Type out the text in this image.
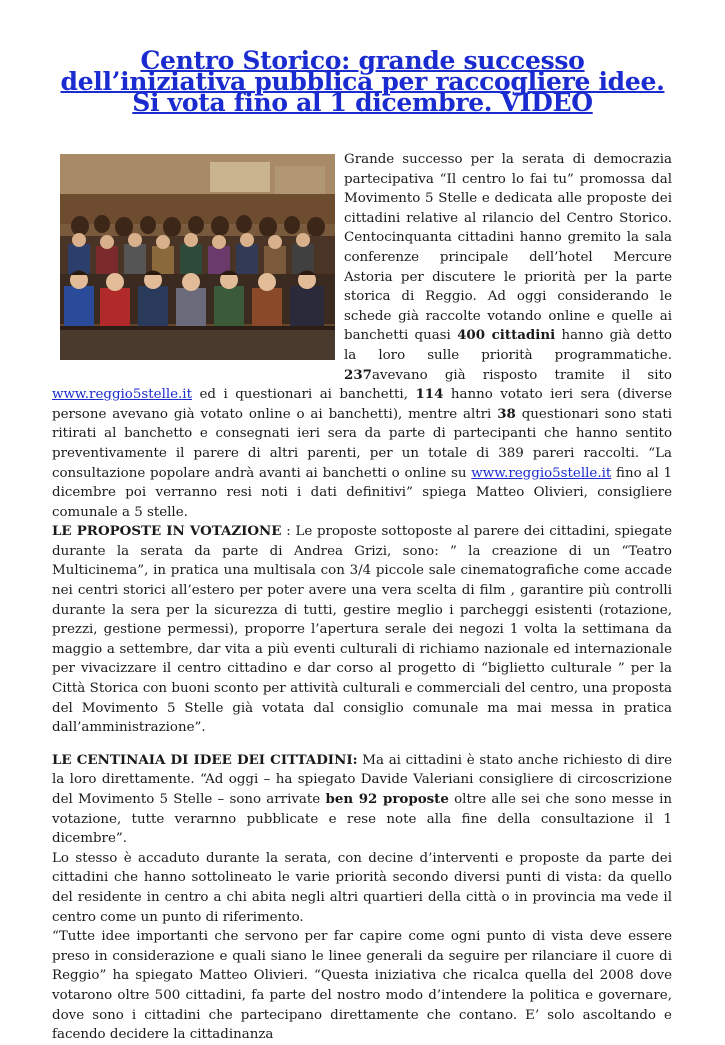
Centro Storico: grande successo dell’iniziativa pubblica per raccogliere idee. Si vota fino al 1 dicembre. VIDEO

Grande successo per la serata di democrazia partecipativa “Il centro lo fai tu” promossa dal Movimento 5 Stelle e dedicata alle proposte dei cittadini relative al rilancio del Centro Storico. Centocinquanta cittadini hanno gremito la sala conferenze principale dell’hotel Mercure Astoria per discutere le priorità per la parte storica di Reggio. Ad oggi considerando le schede già raccolte votando online e quelle ai banchetti quasi 400 cittadini hanno già detto la loro sulle priorità programmatiche. 237avevano già risposto tramite il sito www.reggio5stelle.it ed i questionari ai banchetti, 114 hanno votato ieri sera (diverse persone avevano già votato online o ai banchetti), mentre altri 38 questionari sono stati ritirati al banchetto e consegnati ieri sera da parte di partecipanti che hanno sentito preventivamente il parere di altri parenti, per un totale di 389 pareri raccolti. “La consultazione popolare andrà avanti ai banchetti o online su www.reggio5stelle.it fino al 1 dicembre poi verranno resi noti i dati definitivi” spiega Matteo Olivieri, consigliere comunale a 5 stelle.

LE PROPOSTE IN VOTAZIONE : Le proposte sottoposte al parere dei cittadini, spiegate durante la serata da parte di Andrea Grizi, sono: ” la creazione di un “Teatro Multicinema”, in pratica una multisala con 3/4 piccole sale cinematografiche come accade nei centri storici all’estero per poter avere una vera scelta di film , garantire più controlli durante la sera per la sicurezza di tutti, gestire meglio i parcheggi esistenti (rotazione, prezzi, gestione permessi), proporre l’apertura serale dei negozi 1 volta la settimana da maggio a settembre, dar vita a più eventi culturali di richiamo nazionale ed internazionale per vivacizzare il centro cittadino e dar corso al progetto di “biglietto culturale ” per la Città Storica con buoni sconto per attività culturali e commerciali del centro, una proposta del Movimento 5 Stelle già votata dal consiglio comunale ma mai messa in pratica dall’amministrazione”.

LE CENTINAIA DI IDEE DEI CITTADINI: Ma ai cittadini è stato anche richiesto di dire la loro direttamente. “Ad oggi – ha spiegato Davide Valeriani consigliere di circoscrizione del Movimento 5 Stelle – sono arrivate ben 92 proposte oltre alle sei che sono messe in votazione, tutte verarnno pubblicate e rese note alla fine della consultazione il 1 dicembre”.

Lo stesso è accaduto durante la serata, con decine d’interventi e proposte da parte dei cittadini che hanno sottolineato le varie priorità secondo diversi punti di vista: da quello del residente in centro a chi abita negli altri quartieri della città o in provincia ma vede il centro come un punto di riferimento.

“Tutte idee importanti che servono per far capire come ogni punto di vista deve essere preso in considerazione e quali siano le linee generali da seguire per rilanciare il cuore di Reggio” ha spiegato Matteo Olivieri. “Questa iniziativa che ricalca quella del 2008 dove votarono oltre 500 cittadini, fa parte del nostro modo d’intendere la politica e governare, dove sono i cittadini che partecipano direttamente che contano. E’ solo ascoltando e facendo decidere la cittadinanza
